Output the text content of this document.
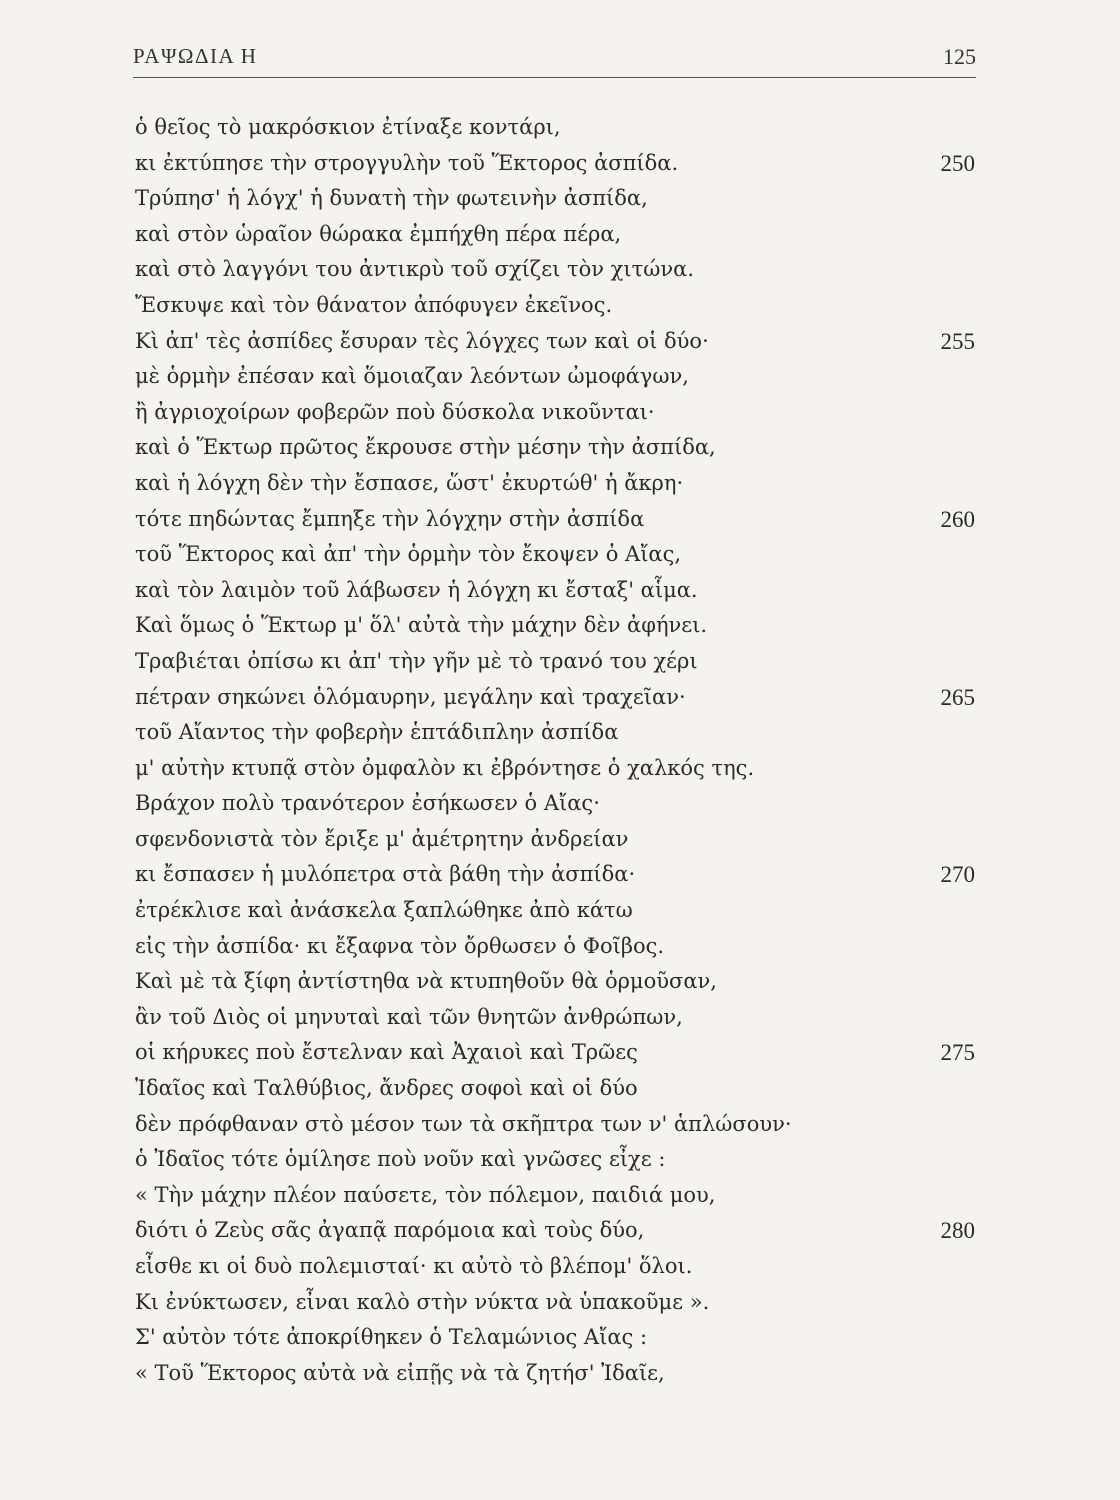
ΡΑΨΩΔΙΑ Η	125
ὁ θεῖος τὸ μακρόσκιον ἐτίναξε κοντάρι,
κι ἐκτύπησε τὴν στρογγυλὴν τοῦ Ἕκτορος ἀσπίδα.	250
Τρύπησ' ἡ λόγχ' ἡ δυνατὴ τὴν φωτεινὴν ἀσπίδα,
καὶ στὸν ὡραῖον θώρακα ἐμπήχθη πέρα πέρα,
καὶ στὸ λαγγόνι του ἀντικρὺ τοῦ σχίζει τὸν χιτώνα.
Ἔσκυψε καὶ τὸν θάνατον ἀπόφυγεν ἐκεῖνος.
Κὶ ἀπ' τὲς ἀσπίδες ἔσυραν τὲς λόγχες των καὶ οἱ δύο·	255
μὲ ὁρμὴν ἐπέσαν καὶ ὅμοιαζαν λεόντων ὠμοφάγων,
ἢ ἀγριοχοίρων φοβερῶν ποὺ δύσκολα νικοῦνται·
καὶ ὁ Ἕκτωρ πρῶτος ἔκρουσε στὴν μέσην τὴν ἀσπίδα,
καὶ ἡ λόγχη δὲν τὴν ἔσπασε, ὥστ' ἐκυρτώθ' ἡ ἄκρη·
τότε πηδώντας ἔμπηξε τὴν λόγχην στὴν ἀσπίδα	260
τοῦ Ἕκτορος καὶ ἀπ' τὴν ὁρμὴν τὸν ἔκοψεν ὁ Αἴας,
καὶ τὸν λαιμὸν τοῦ λάβωσεν ἡ λόγχη κι ἔσταξ' αἷμα.
Καὶ ὅμως ὁ Ἕκτωρ μ' ὅλ' αὐτὰ τὴν μάχην δὲν ἀφήνει.
Τραβιέται ὀπίσω κι ἀπ' τὴν γῆν μὲ τὸ τρανό του χέρι
πέτραν σηκώνει ὁλόμαυρην, μεγάλην καὶ τραχεῖαν·	265
τοῦ Αἴαντος τὴν φοβερὴν ἑπτάδιπλην ἀσπίδα
μ' αὐτὴν κτυπᾷ στὸν ὀμφαλὸν κι ἐβρόντησε ὁ χαλκός της.
Βράχον πολὺ τρανότερον ἐσήκωσεν ὁ Αἴας·
σφενδονιστὰ τὸν ἔριξε μ' ἀμέτρητην ἀνδρείαν
κι ἔσπασεν ἡ μυλόπετρα στὰ βάθη τὴν ἀσπίδα·	270
ἐτρέκλισε καὶ ἀνάσκελα ξαπλώθηκε ἀπὸ κάτω
εἰς τὴν ἀσπίδα· κι ἔξαφνα τὸν ὄρθωσεν ὁ Φοῖβος.
Καὶ μὲ τὰ ξίφη ἀντίστηθα νὰ κτυπηθοῦν θὰ ὁρμοῦσαν,
ἂν τοῦ Διὸς οἱ μηνυταὶ καὶ τῶν θνητῶν ἀνθρώπων,
οἱ κήρυκες ποὺ ἔστελναν καὶ Ἀχαιοὶ καὶ Τρῶες	275
Ἰδαῖος καὶ Ταλθύβιος, ἄνδρες σοφοὶ καὶ οἱ δύο
δὲν πρόφθαναν στὸ μέσον των τὰ σκῆπτρα των ν' ἁπλώσουν·
ὁ Ἰδαῖος τότε ὁμίλησε ποὺ νοῦν καὶ γνῶσες εἶχε :
« Τὴν μάχην πλέον παύσετε, τὸν πόλεμον, παιδιά μου,
διότι ὁ Ζεὺς σᾶς ἀγαπᾷ παρόμοια καὶ τοὺς δύο,	280
εἶσθε κι οἱ δυὸ πολεμισταί· κι αὐτὸ τὸ βλέπομ' ὅλοι.
Κι ἐνύκτωσεν, εἶναι καλὸ στὴν νύκτα νὰ ὑπακοῦμε ».
Σ' αὐτὸν τότε ἀποκρίθηκεν ὁ Τελαμώνιος Αἴας :
« Τοῦ Ἕκτορος αὐτὰ νὰ εἰπῇς νὰ τὰ ζητήσ' Ἰδαῖε,
